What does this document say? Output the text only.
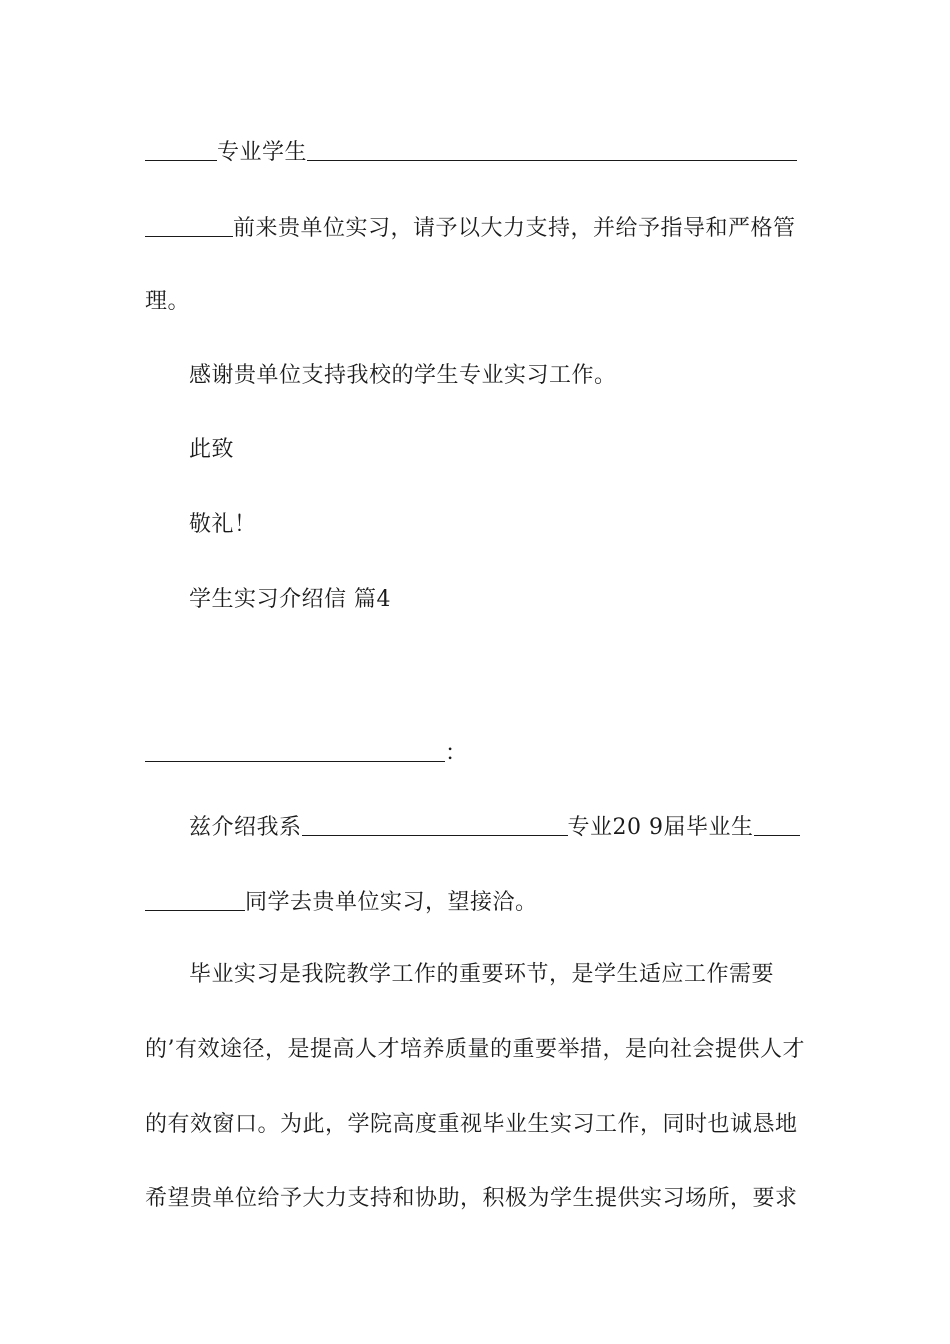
专业学生
前来贵单位实习，请予以大力支持，并给予指导和严格管
理。
感谢贵单位支持我校的学生专业实习工作。
此致
敬礼！
学生实习介绍信 篇4
：
兹介绍我系	专业20 9届毕业生
同学去贵单位实习，望接洽。
毕业实习是我院教学工作的重要环节，是学生适应工作需要
的’有效途径，是提高人才培养质量的重要举措，是向社会提供人才
的有效窗口。为此，学院高度重视毕业生实习工作，同时也诚恳地
希望贵单位给予大力支持和协助，积极为学生提供实习场所，要求
